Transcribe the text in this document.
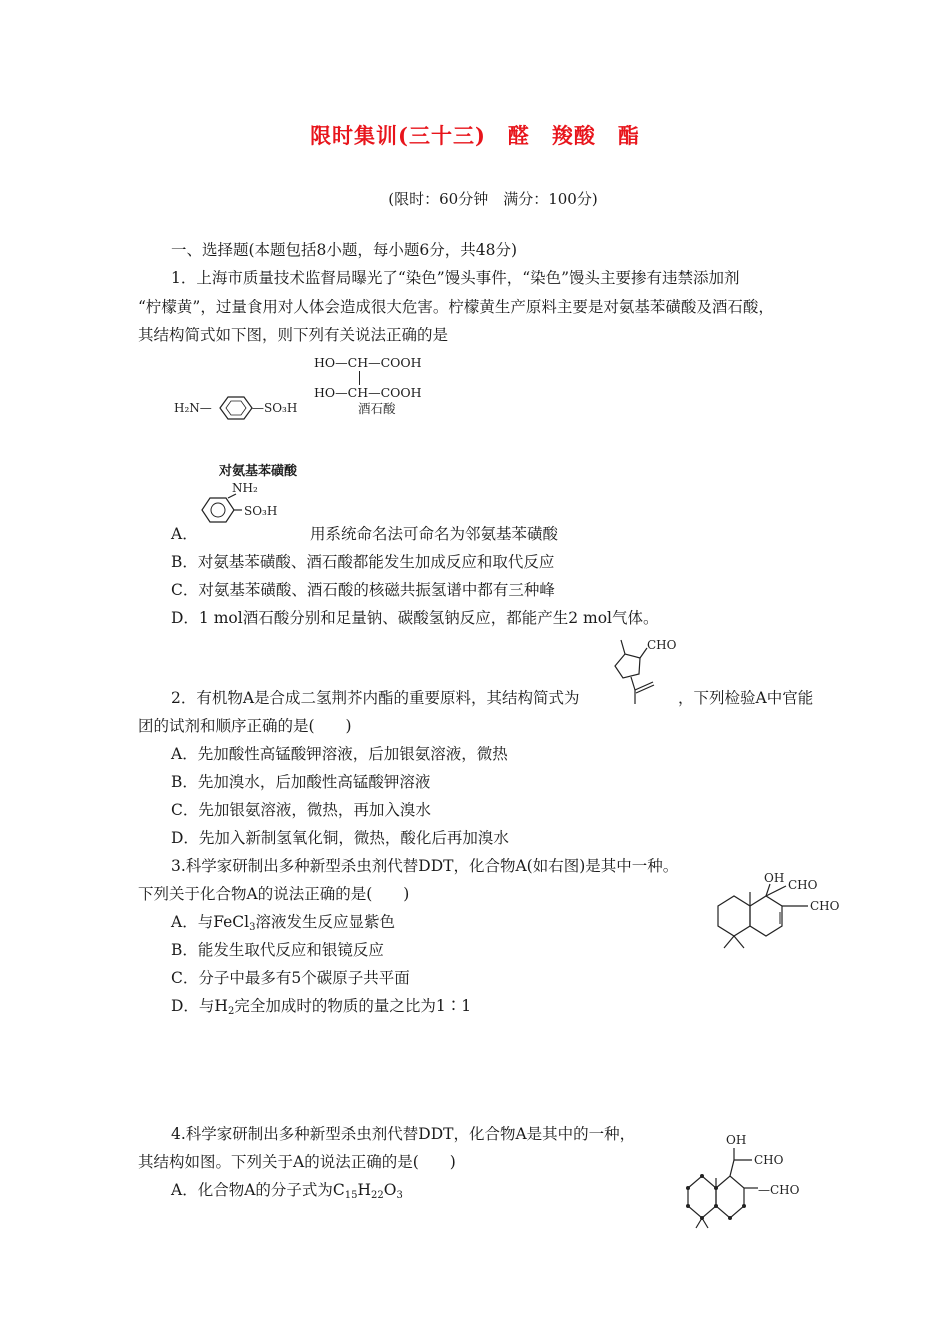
限时集训(三十三)　醛　羧酸　酯
(限时：60分钟　满分：100分)
一、选择题(本题包括8小题，每小题6分，共48分)
1．上海市质量技术监督局曝光了“染色”馒头事件，“染色”馒头主要掺有违禁添加剂
“柠檬黄”，过量食用对人体会造成很大危害。柠檬黄生产原料主要是对氨基苯磺酸及酒石酸，
其结构简式如下图，则下列有关说法正确的是
H₂N—	—SO₃H
HO—CH—COOH
HO—CH—COOH
酒石酸
对氨基苯磺酸
NH₂
SO₃H
A．	用系统命名法可命名为邻氨基苯磺酸
B．对氨基苯磺酸、酒石酸都能发生加成反应和取代反应
C．对氨基苯磺酸、酒石酸的核磁共振氢谱中都有三种峰
D．1 mol酒石酸分别和足量钠、碳酸氢钠反应，都能产生2 mol气体。
CHO
2．有机物A是合成二氢荆芥内酯的重要原料，其结构简式为	，下列检验A中官能
团的试剂和顺序正确的是(　　)
A．先加酸性高锰酸钾溶液，后加银氨溶液，微热
B．先加溴水，后加酸性高锰酸钾溶液
C．先加银氨溶液，微热，再加入溴水
D．先加入新制氢氧化铜，微热，酸化后再加溴水
3.科学家研制出多种新型杀虫剂代替DDT，化合物A(如右图)是其中一种。
下列关于化合物A的说法正确的是(　　)
A．与FeCl$_3$溶液发生反应显紫色
B．能发生取代反应和银镜反应
C．分子中最多有5个碳原子共平面
D．与$H_2$完全加成时的物质的量之比为1∶1
OH CHO
CHO
4.科学家研制出多种新型杀虫剂代替DDT，化合物A是其中的一种，
其结构如图。下列关于A的说法正确的是(　　)
A．化合物A的分子式为$C_{15}H_{22}O_3$
OH
CHO
—CHO
